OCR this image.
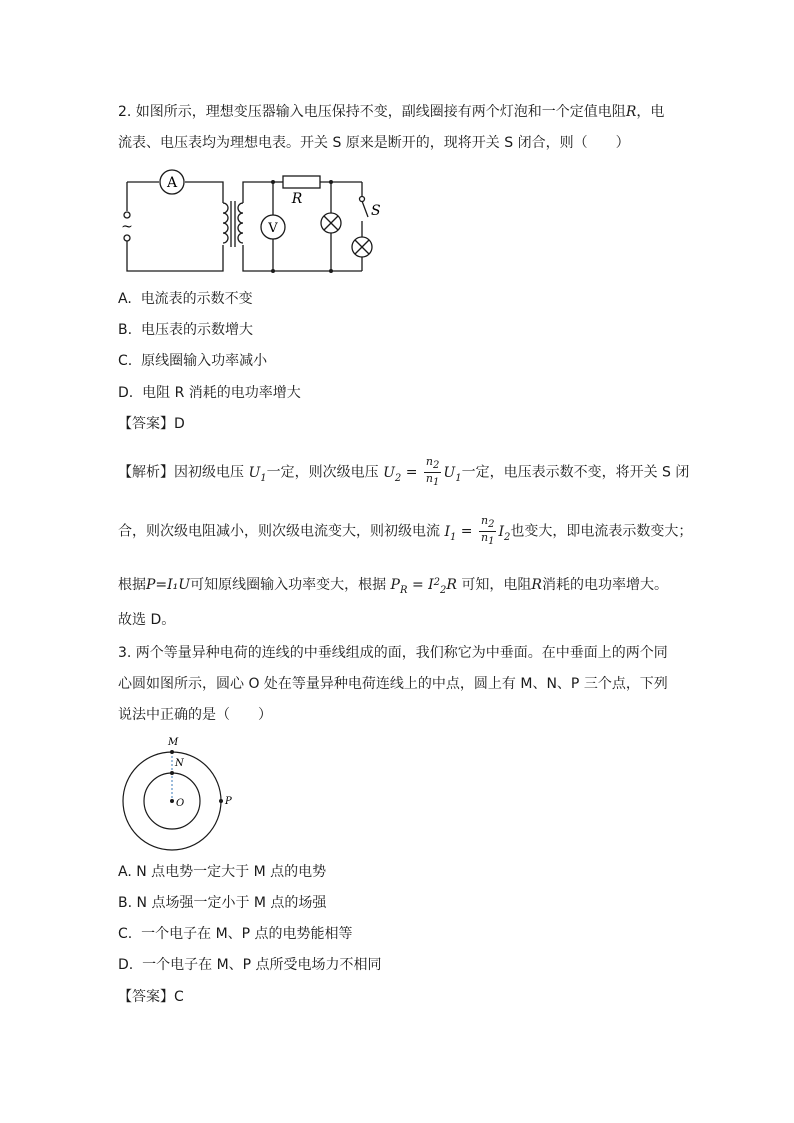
2. 如图所示，理想变压器输入电压保持不变，副线圈接有两个灯泡和一个定值电阻R，电
流表、电压表均为理想电表。开关 S 原来是断开的，现将开关 S 闭合，则（　　）
A
V
R
S
~
A. 电流表的示数不变
B. 电压表的示数增大
C. 原线圈输入功率减小
D. 电阻 R 消耗的电功率增大
【答案】D
【解析】因初级电压 $U_1$一定，则次级电压 $U_2 = \frac{n_2}{n_1} U_1$一定，电压表示数不变，将开关 S 闭
合，则次级电阻减小，则次级电流变大，则初级电流 $I_1 = \frac{n_2}{n_1} I_2$也变大，即电流表示数变大；
根据P=I₁U可知原线圈输入功率变大，根据 $P_R = I_{22}R$ 可知，电阻R消耗的电功率增大。
故选 D。
3. 两个等量异种电荷的连线的中垂线组成的面，我们称它为中垂面。在中垂面上的两个同
心圆如图所示，圆心 O 处在等量异种电荷连线上的中点，圆上有 M、N、P 三个点，下列
说法中正确的是（　　）
M
N
O	P
A. N 点电势一定大于 M 点的电势
B. N 点场强一定小于 M 点的场强
C. 一个电子在 M、P 点的电势能相等
D. 一个电子在 M、P 点所受电场力不相同
【答案】C
